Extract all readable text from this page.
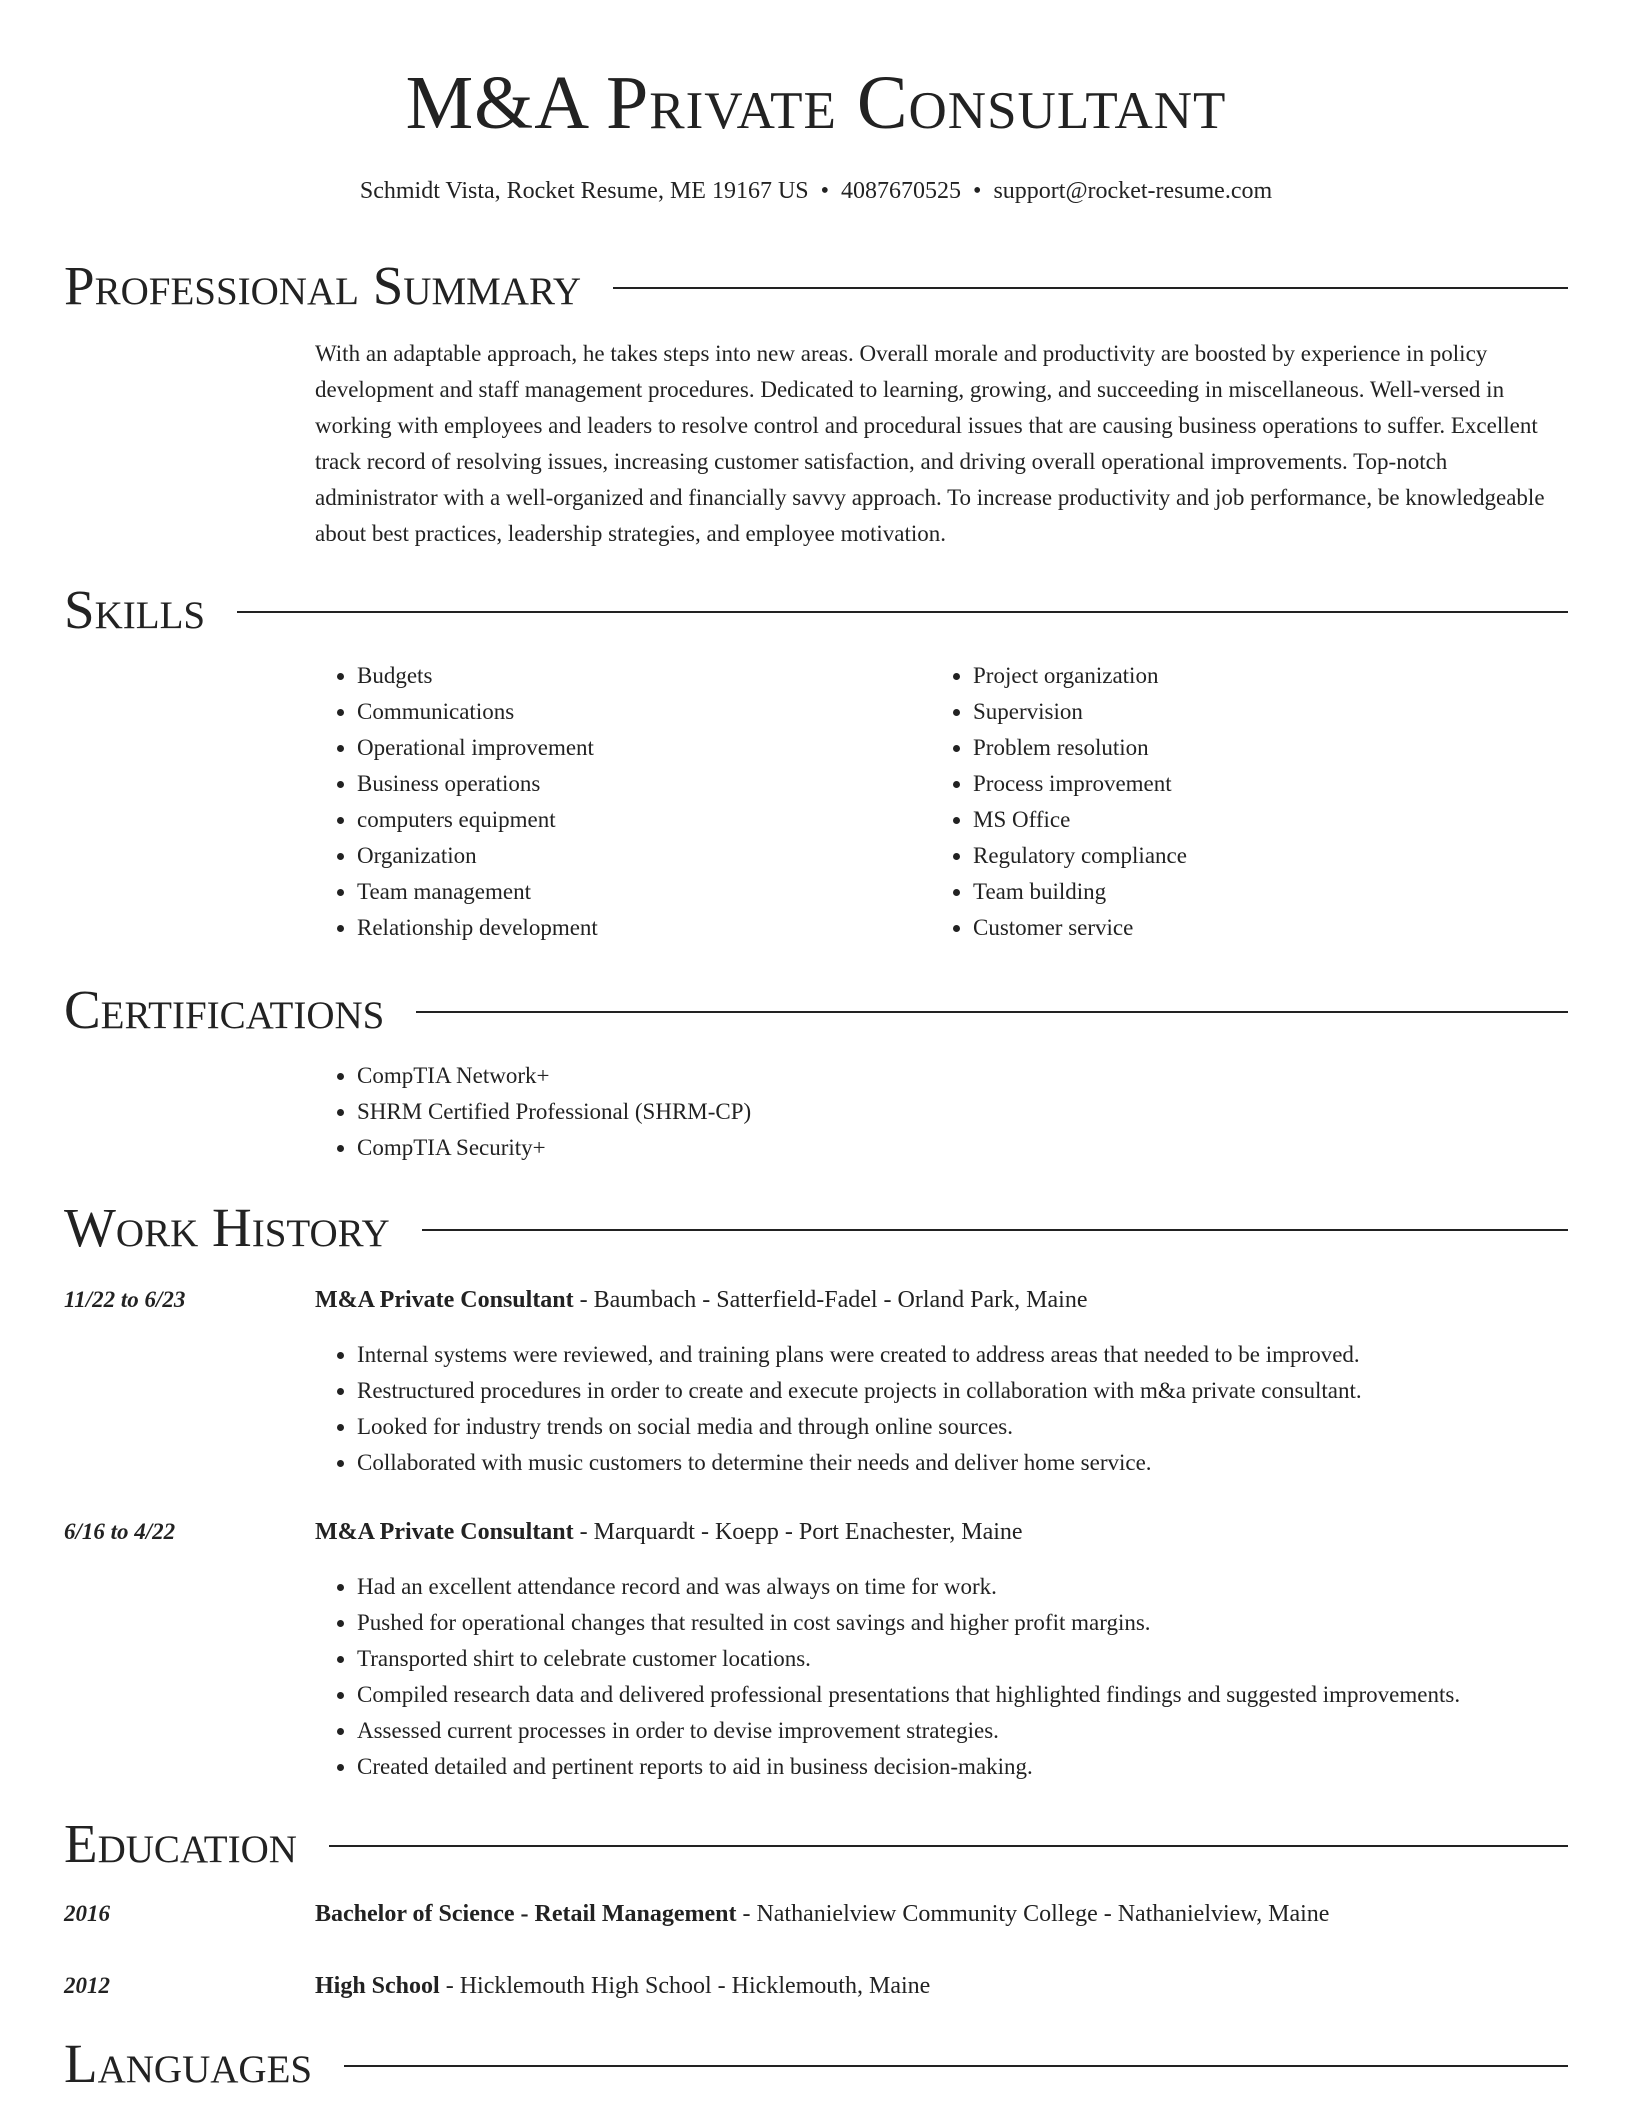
M&A Private Consultant
Schmidt Vista, Rocket Resume, ME 19167 US • 4087670525 • support@rocket-resume.com
Professional Summary

With an adaptable approach, he takes steps into new areas. Overall morale and productivity are boosted by experience in policy development and staff management procedures. Dedicated to learning, growing, and succeeding in miscellaneous. Well-versed in working with employees and leaders to resolve control and procedural issues that are causing business operations to suffer. Excellent track record of resolving issues, increasing customer satisfaction, and driving overall operational improvements. Top-notch administrator with a well-organized and financially savvy approach. To increase productivity and job performance, be knowledgeable about best practices, leadership strategies, and employee motivation.

Skills
• Budgets
• Communications
• Operational improvement
• Business operations
• computers equipment
• Organization
• Team management
• Relationship development
• Project organization
• Supervision
• Problem resolution
• Process improvement
• MS Office
• Regulatory compliance
• Team building
• Customer service
Certifications
• CompTIA Network+
• SHRM Certified Professional (SHRM-CP)
• CompTIA Security+
Work History
11/22 to 6/23	M&A Private Consultant - Baumbach - Satterfield-Fadel - Orland Park, Maine
• Internal systems were reviewed, and training plans were created to address areas that needed to be improved.
• Restructured procedures in order to create and execute projects in collaboration with m&a private consultant.
• Looked for industry trends on social media and through online sources.
• Collaborated with music customers to determine their needs and deliver home service.
6/16 to 4/22	M&A Private Consultant - Marquardt - Koepp - Port Enachester, Maine
• Had an excellent attendance record and was always on time for work.
• Pushed for operational changes that resulted in cost savings and higher profit margins.
• Transported shirt to celebrate customer locations.
• Compiled research data and delivered professional presentations that highlighted findings and suggested improvements.
• Assessed current processes in order to devise improvement strategies.
• Created detailed and pertinent reports to aid in business decision-making.
Education
2016	Bachelor of Science - Retail Management - Nathanielview Community College - Nathanielview, Maine
2012	High School - Hicklemouth High School - Hicklemouth, Maine
Languages
